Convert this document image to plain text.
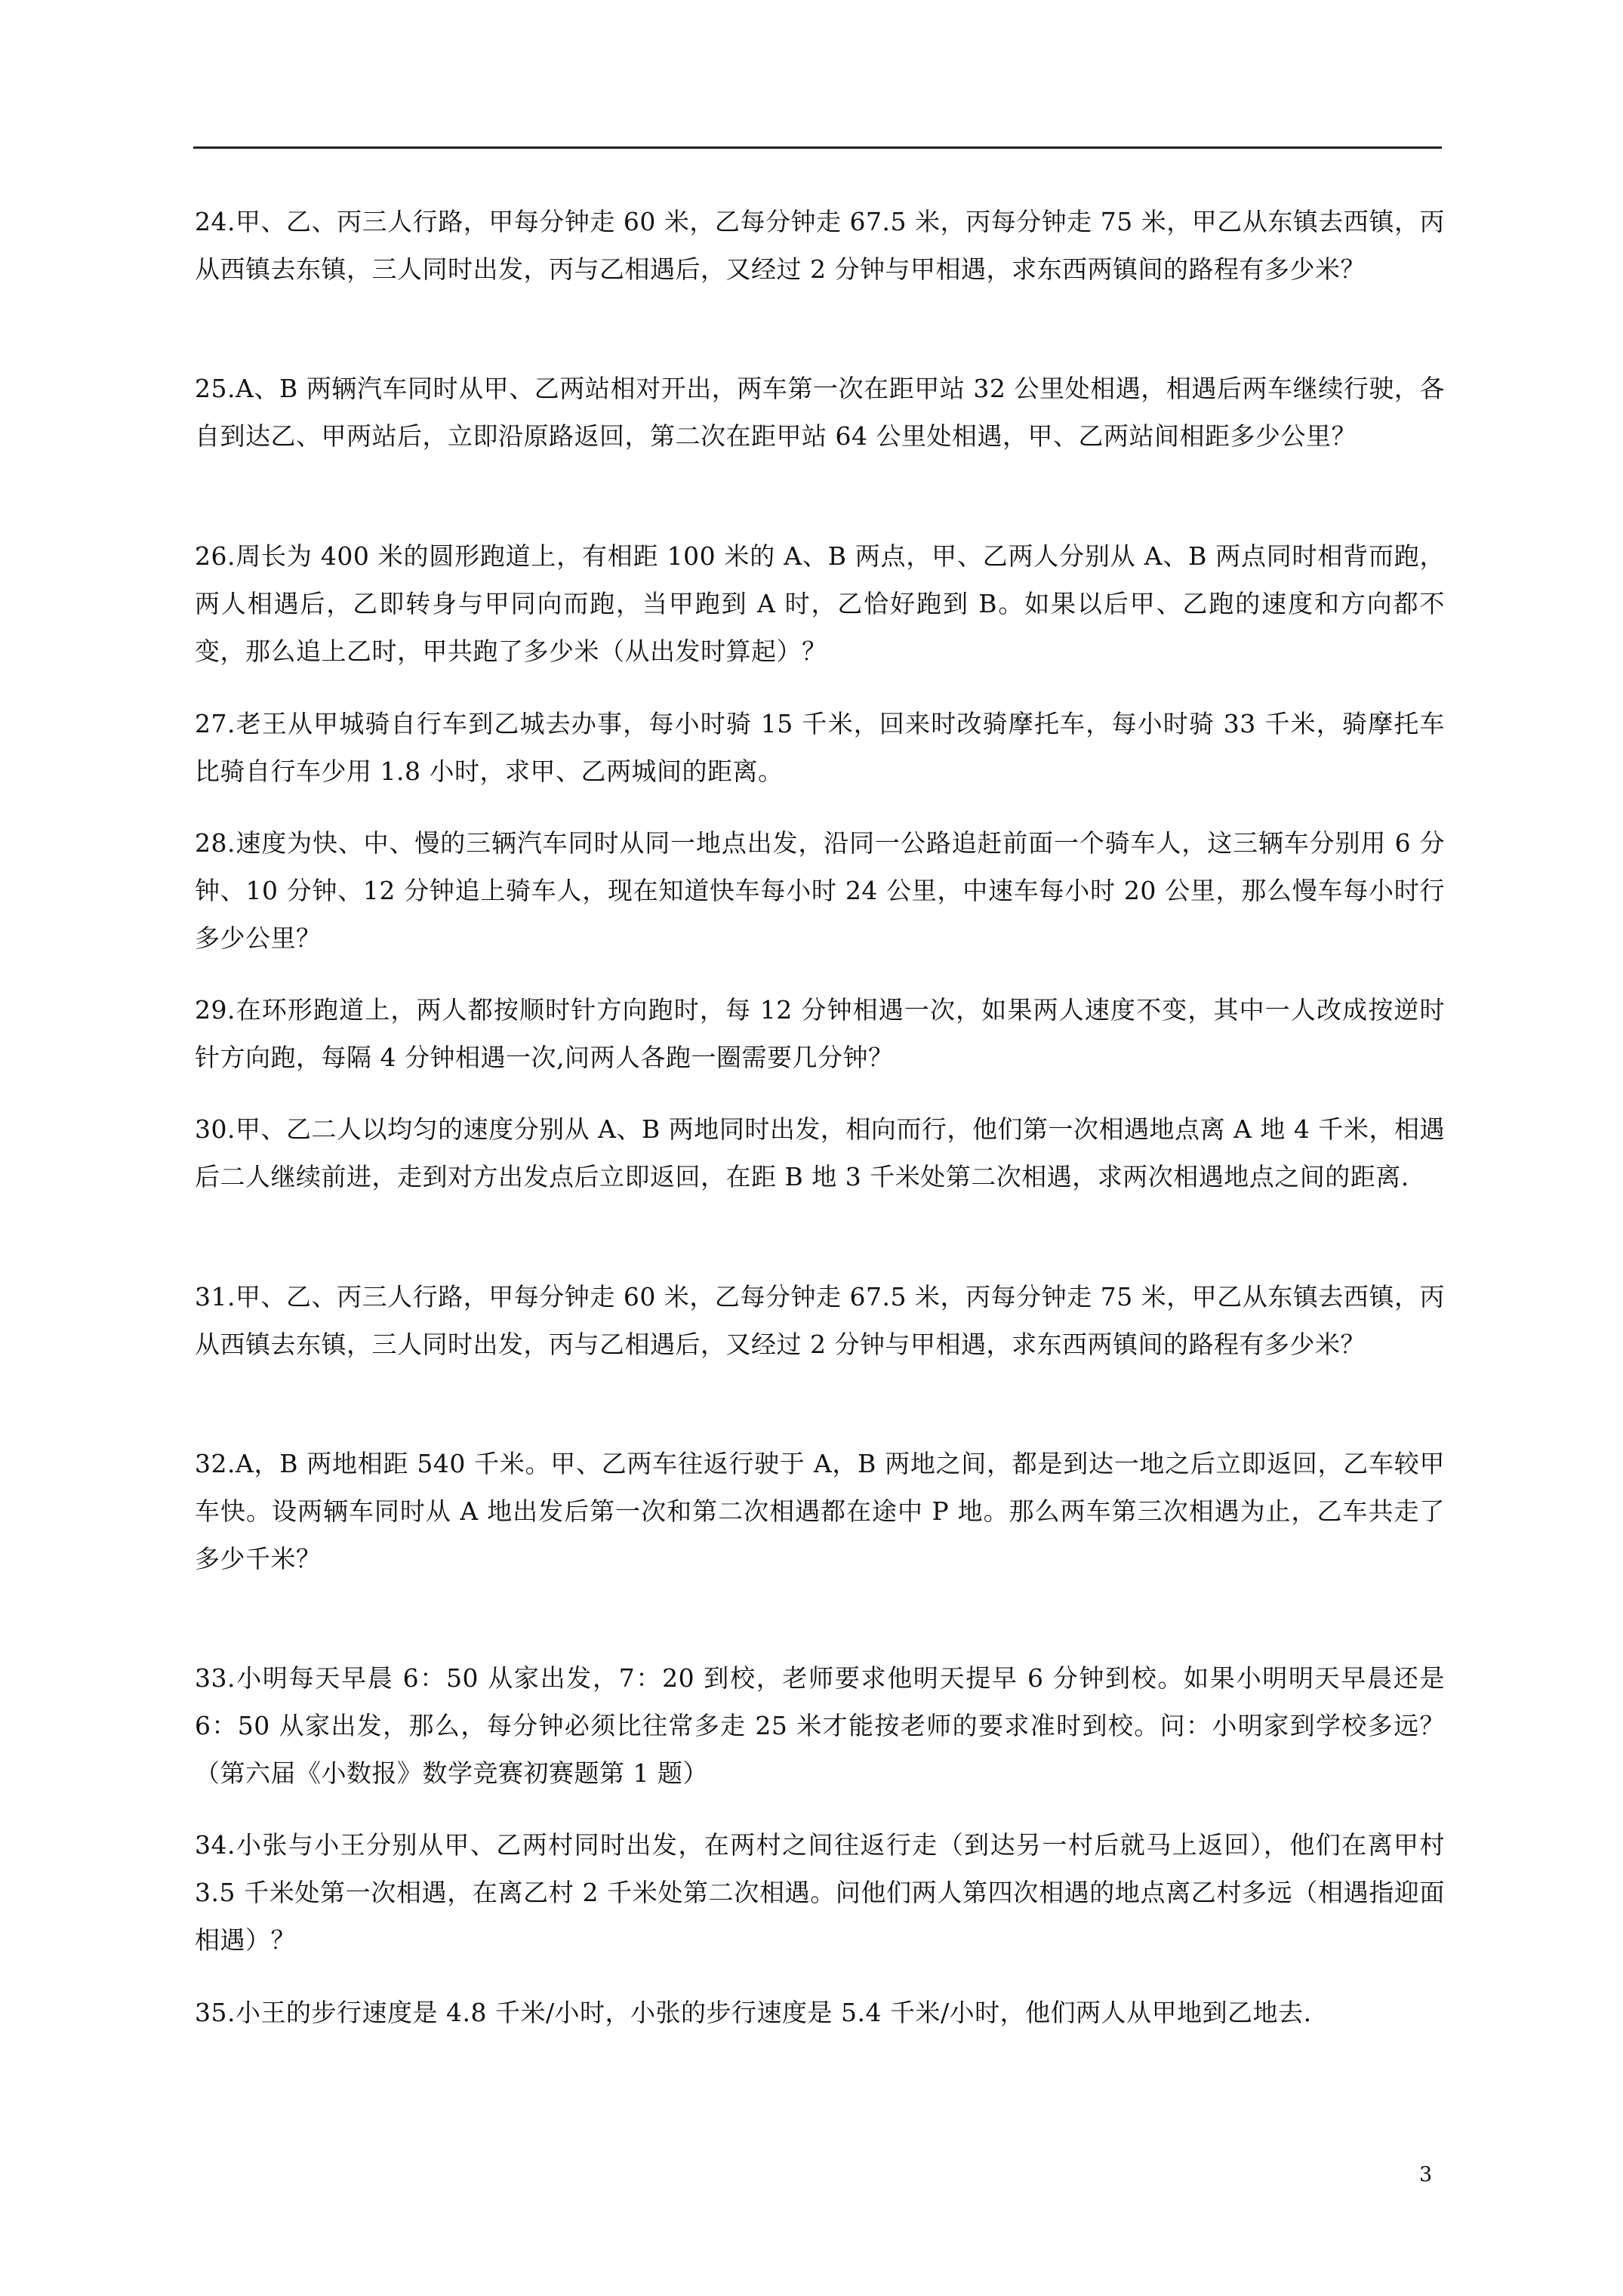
24.甲、乙、丙三人行路，甲每分钟走 60 米，乙每分钟走 67.5 米，丙每分钟走 75 米，甲乙从东镇去西镇，丙从西镇去东镇，三人同时出发，丙与乙相遇后，又经过 2 分钟与甲相遇，求东西两镇间的路程有多少米？

25.A、B 两辆汽车同时从甲、乙两站相对开出，两车第一次在距甲站 32 公里处相遇，相遇后两车继续行驶，各自到达乙、甲两站后，立即沿原路返回，第二次在距甲站 64 公里处相遇，甲、乙两站间相距多少公里？

26.周长为 400 米的圆形跑道上，有相距 100 米的 A、B 两点，甲、乙两人分别从 A、B 两点同时相背而跑，两人相遇后，乙即转身与甲同向而跑，当甲跑到 A 时，乙恰好跑到 B。如果以后甲、乙跑的速度和方向都不变，那么追上乙时，甲共跑了多少米（从出发时算起）？

27.老王从甲城骑自行车到乙城去办事，每小时骑 15 千米，回来时改骑摩托车，每小时骑 33 千米，骑摩托车比骑自行车少用 1.8 小时，求甲、乙两城间的距离。

28.速度为快、中、慢的三辆汽车同时从同一地点出发，沿同一公路追赶前面一个骑车人，这三辆车分别用 6 分钟、10 分钟、12 分钟追上骑车人，现在知道快车每小时 24 公里，中速车每小时 20 公里，那么慢车每小时行多少公里？

29.在环形跑道上，两人都按顺时针方向跑时，每 12 分钟相遇一次，如果两人速度不变，其中一人改成按逆时针方向跑，每隔 4 分钟相遇一次,问两人各跑一圈需要几分钟？

30.甲、乙二人以均匀的速度分别从 A、B 两地同时出发，相向而行，他们第一次相遇地点离 A 地 4 千米，相遇后二人继续前进，走到对方出发点后立即返回，在距 B 地 3 千米处第二次相遇，求两次相遇地点之间的距离.

31.甲、乙、丙三人行路，甲每分钟走 60 米，乙每分钟走 67.5 米，丙每分钟走 75 米，甲乙从东镇去西镇，丙从西镇去东镇，三人同时出发，丙与乙相遇后，又经过 2 分钟与甲相遇，求东西两镇间的路程有多少米？

32.A，B 两地相距 540 千米。甲、乙两车往返行驶于 A，B 两地之间，都是到达一地之后立即返回，乙车较甲车快。设两辆车同时从 A 地出发后第一次和第二次相遇都在途中 P 地。那么两车第三次相遇为止，乙车共走了多少千米？

33.小明每天早晨 6：50 从家出发，7：20 到校，老师要求他明天提早 6 分钟到校。如果小明明天早晨还是 6：50 从家出发，那么，每分钟必须比往常多走 25 米才能按老师的要求准时到校。问：小明家到学校多远？（第六届《小数报》数学竞赛初赛题第 1 题）

34.小张与小王分别从甲、乙两村同时出发，在两村之间往返行走（到达另一村后就马上返回），他们在离甲村 3.5 千米处第一次相遇，在离乙村 2 千米处第二次相遇。问他们两人第四次相遇的地点离乙村多远（相遇指迎面相遇）？

35.小王的步行速度是 4.8 千米/小时，小张的步行速度是 5.4 千米/小时，他们两人从甲地到乙地去.

3
